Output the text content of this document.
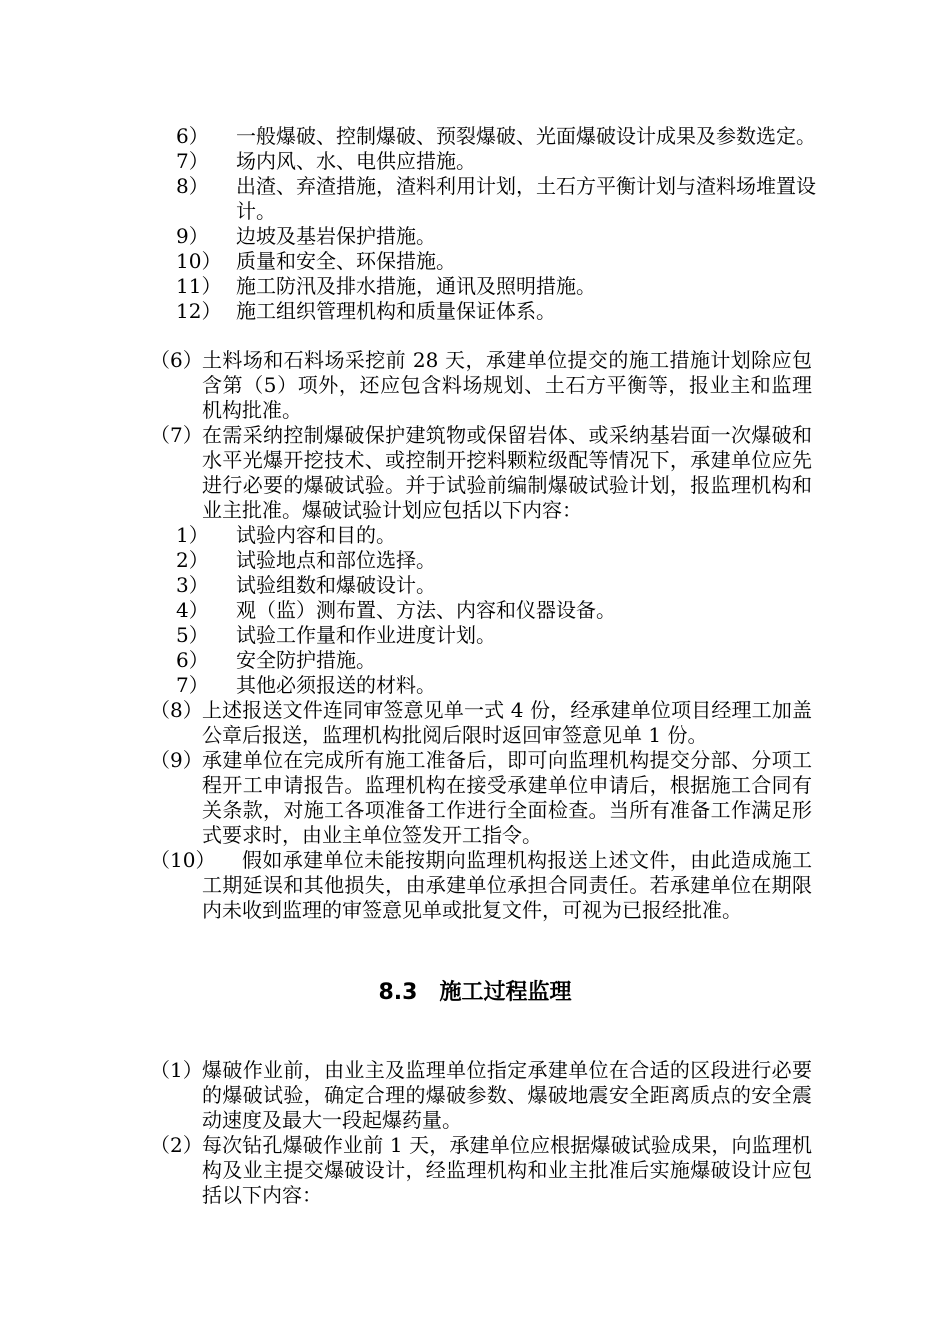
6）	一般爆破、控制爆破、预裂爆破、光面爆破设计成果及参数选定。
7）	场内风、水、电供应措施。
8）	出渣、弃渣措施，渣料利用计划，土石方平衡计划与渣料场堆置设计。
9）	边坡及基岩保护措施。
10） 质量和安全、环保措施。
11） 施工防汛及排水措施，通讯及照明措施。
12） 施工组织管理机构和质量保证体系。
（6） 土料场和石料场采挖前 28 天，承建单位提交的施工措施计划除应包含第（5）项外，还应包含料场规划、土石方平衡等，报业主和监理机构批准。
（7） 在需采纳控制爆破保护建筑物或保留岩体、或采纳基岩面一次爆破和水平光爆开挖技术、或控制开挖料颗粒级配等情况下，承建单位应先进行必要的爆破试验。并于试验前编制爆破试验计划，报监理机构和业主批准。爆破试验计划应包括以下内容：
1）	试验内容和目的。
2）	试验地点和部位选择。
3）	试验组数和爆破设计。
4）	观（监）测布置、方法、内容和仪器设备。
5）	试验工作量和作业进度计划。
6）	安全防护措施。
7）	其他必须报送的材料。
（8） 上述报送文件连同审签意见单一式 4 份，经承建单位项目经理工加盖公章后报送，监理机构批阅后限时返回审签意见单 1 份。
（9） 承建单位在完成所有施工准备后，即可向监理机构提交分部、分项工程开工申请报告。监理机构在接受承建单位申请后，根据施工合同有关条款，对施工各项准备工作进行全面检查。当所有准备工作满足形式要求时，由业主单位签发开工指令。
（10）	假如承建单位未能按期向监理机构报送上述文件，由此造成施工工期延误和其他损失，由承建单位承担合同责任。若承建单位在期限内未收到监理的审签意见单或批复文件，可视为已报经批准。
8.3 施工过程监理
（1） 爆破作业前，由业主及监理单位指定承建单位在合适的区段进行必要的爆破试验，确定合理的爆破参数、爆破地震安全距离质点的安全震动速度及最大一段起爆药量。
（2） 每次钻孔爆破作业前 1 天，承建单位应根据爆破试验成果，向监理机构及业主提交爆破设计，经监理机构和业主批准后实施爆破设计应包括以下内容：
